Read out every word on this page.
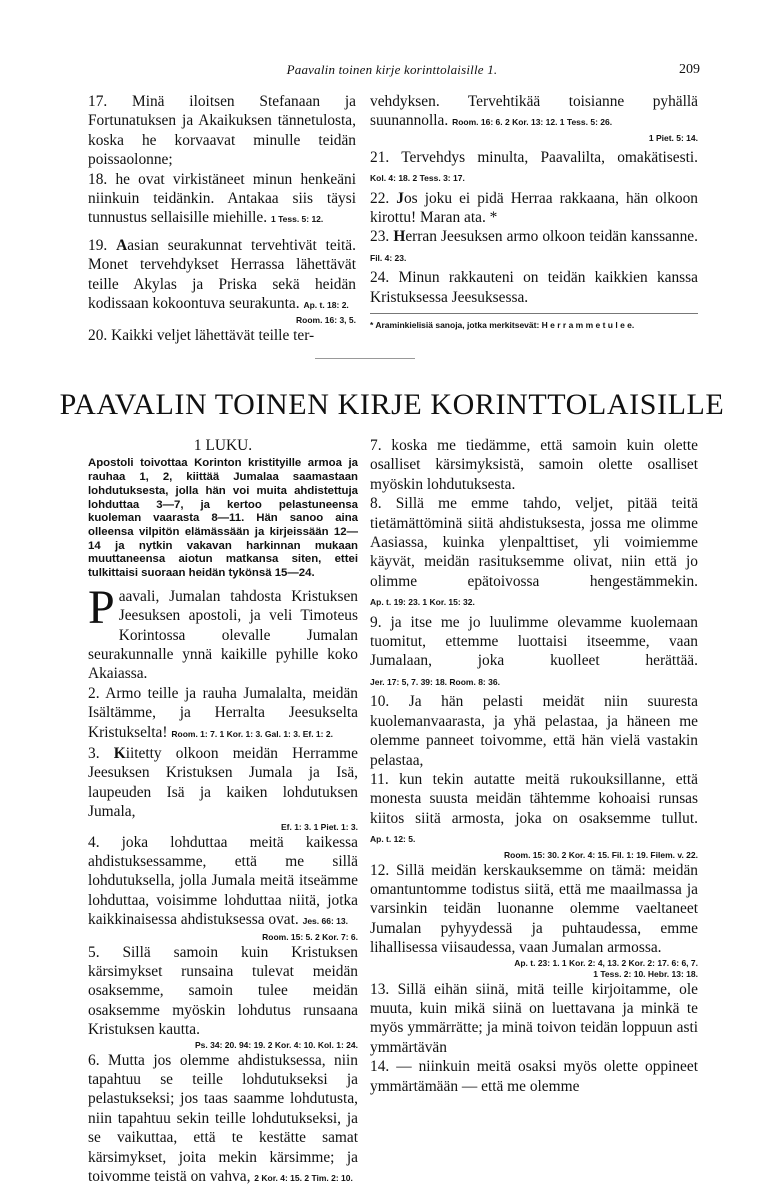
Paavalin toinen kirje korinttolaisille 1.	209

17. Minä iloitsen Stefanaan ja Fortunatuksen ja Akaikuksen tännetulosta, koska he korvaavat minulle teidän poissaolonne;

18. he ovat virkistäneet minun henkeäni niinkuin teidänkin. Antakaa siis täysi tunnustus sellaisille miehille. 1 Tess. 5: 12.

19. Aasian seurakunnat tervehtivät teitä. Monet tervehdykset Herrassa lähettävät teille Akylas ja Priska sekä heidän kodissaan kokoontuva seurakunta. Ap. t. 18: 2.

Room. 16: 3, 5.

20. Kaikki veljet lähettävät teille ter-

vehdyksen. Tervehtikää toisianne pyhällä suunannolla. Room. 16: 6. 2 Kor. 13: 12. 1 Tess. 5: 26.

1 Piet. 5: 14.

21. Tervehdys minulta, Paavalilta, omakätisesti. Kol. 4: 18. 2 Tess. 3: 17.

22. Jos joku ei pidä Herraa rakkaana, hän olkoon kirottu! Maran ata. *

23. Herran Jeesuksen armo olkoon teidän kanssanne. Fil. 4: 23.

24. Minun rakkauteni on teidän kaikkien kanssa Kristuksessa Jeesuksessa.

* Araminkielisiä sanoja, jotka merkitsevät: H e r r a m m e t u l e e.
PAAVALIN TOINEN KIRJE KORINTTOLAISILLE
1 LUKU.
Apostoli toivottaa Korinton kristityille armoa ja rauhaa 1, 2, kiittää Jumalaa saamastaan lohdutuksesta, jolla hän voi muita ahdistettuja lohduttaa 3—7, ja kertoo pelastuneensa kuoleman vaarasta 8—11. Hän sanoo aina olleensa vilpitön elämässään ja kirjeissään 12—14 ja nytkin vakavan harkinnan mukaan muuttaneensa aiotun matkansa siten, ettei tulkittaisi suoraan heidän tykönsä 15—24.

Paavali, Jumalan tahdosta Kristuksen Jeesuksen apostoli, ja veli Timoteus Korintossa olevalle Jumalan seurakunnalle ynnä kaikille pyhille koko Akaiassa.

2. Armo teille ja rauha Jumalalta, meidän Isältämme, ja Herralta Jeesukselta Kristukselta! Room. 1: 7. 1 Kor. 1: 3. Gal. 1: 3. Ef. 1: 2.

3. Kiitetty olkoon meidän Herramme Jeesuksen Kristuksen Jumala ja Isä, laupeuden Isä ja kaiken lohdutuksen Jumala,

Ef. 1: 3. 1 Piet. 1: 3.

4. joka lohduttaa meitä kaikessa ahdistuksessamme, että me sillä lohdutuksella, jolla Jumala meitä itseämme lohduttaa, voisimme lohduttaa niitä, jotka kaikkinaisessa ahdistuksessa ovat. Jes. 66: 13.

Room. 15: 5. 2 Kor. 7: 6.

5. Sillä samoin kuin Kristuksen kärsimykset runsaina tulevat meidän osaksemme, samoin tulee meidän osaksemme myöskin lohdutus runsaana Kristuksen kautta.

Ps. 34: 20. 94: 19. 2 Kor. 4: 10. Kol. 1: 24.

6. Mutta jos olemme ahdistuksessa, niin tapahtuu se teille lohdutukseksi ja pelastukseksi; jos taas saamme lohdutusta, niin tapahtuu sekin teille lohdutukseksi, ja se vaikuttaa, että te kestätte samat kärsimykset, joita mekin kärsimme; ja toivomme teistä on vahva, 2 Kor. 4: 15. 2 Tim. 2: 10.

7. koska me tiedämme, että samoin kuin olette osalliset kärsimyksistä, samoin olette osalliset myöskin lohdutuksesta.

8. Sillä me emme tahdo, veljet, pitää teitä tietämättöminä siitä ahdistuksesta, jossa me olimme Aasiassa, kuinka ylenpalttiset, yli voimiemme käyvät, meidän rasituksemme olivat, niin että jo olimme epätoivossa hengestämmekin. Ap. t. 19: 23. 1 Kor. 15: 32.

9. ja itse me jo luulimme olevamme kuolemaan tuomitut, ettemme luottaisi itseemme, vaan Jumalaan, joka kuolleet herättää. Jer. 17: 5, 7. 39: 18. Room. 8: 36.

10. Ja hän pelasti meidät niin suuresta kuolemanvaarasta, ja yhä pelastaa, ja häneen me olemme panneet toivomme, että hän vielä vastakin pelastaa,

11. kun tekin autatte meitä rukouksillanne, että monesta suusta meidän tähtemme kohoaisi runsas kiitos siitä armosta, joka on osaksemme tullut. Ap. t. 12: 5.

Room. 15: 30. 2 Kor. 4: 15. Fil. 1: 19. Filem. v. 22.

12. Sillä meidän kerskauksemme on tämä: meidän omantuntomme todistus siitä, että me maailmassa ja varsinkin teidän luonanne olemme vaeltaneet Jumalan pyhyydessä ja puhtaudessa, emme lihallisessa viisaudessa, vaan Jumalan armossa.

Ap. t. 23: 1. 1 Kor. 2: 4, 13. 2 Kor. 2: 17. 6: 6, 7.
1 Tess. 2: 10. Hebr. 13: 18.

13. Sillä eihän siinä, mitä teille kirjoitamme, ole muuta, kuin mikä siinä on luettavana ja minkä te myös ymmärrätte; ja minä toivon teidän loppuun asti ymmärtävän

14. — niinkuin meitä osaksi myös olette oppineet ymmärtämään — että me olemme
